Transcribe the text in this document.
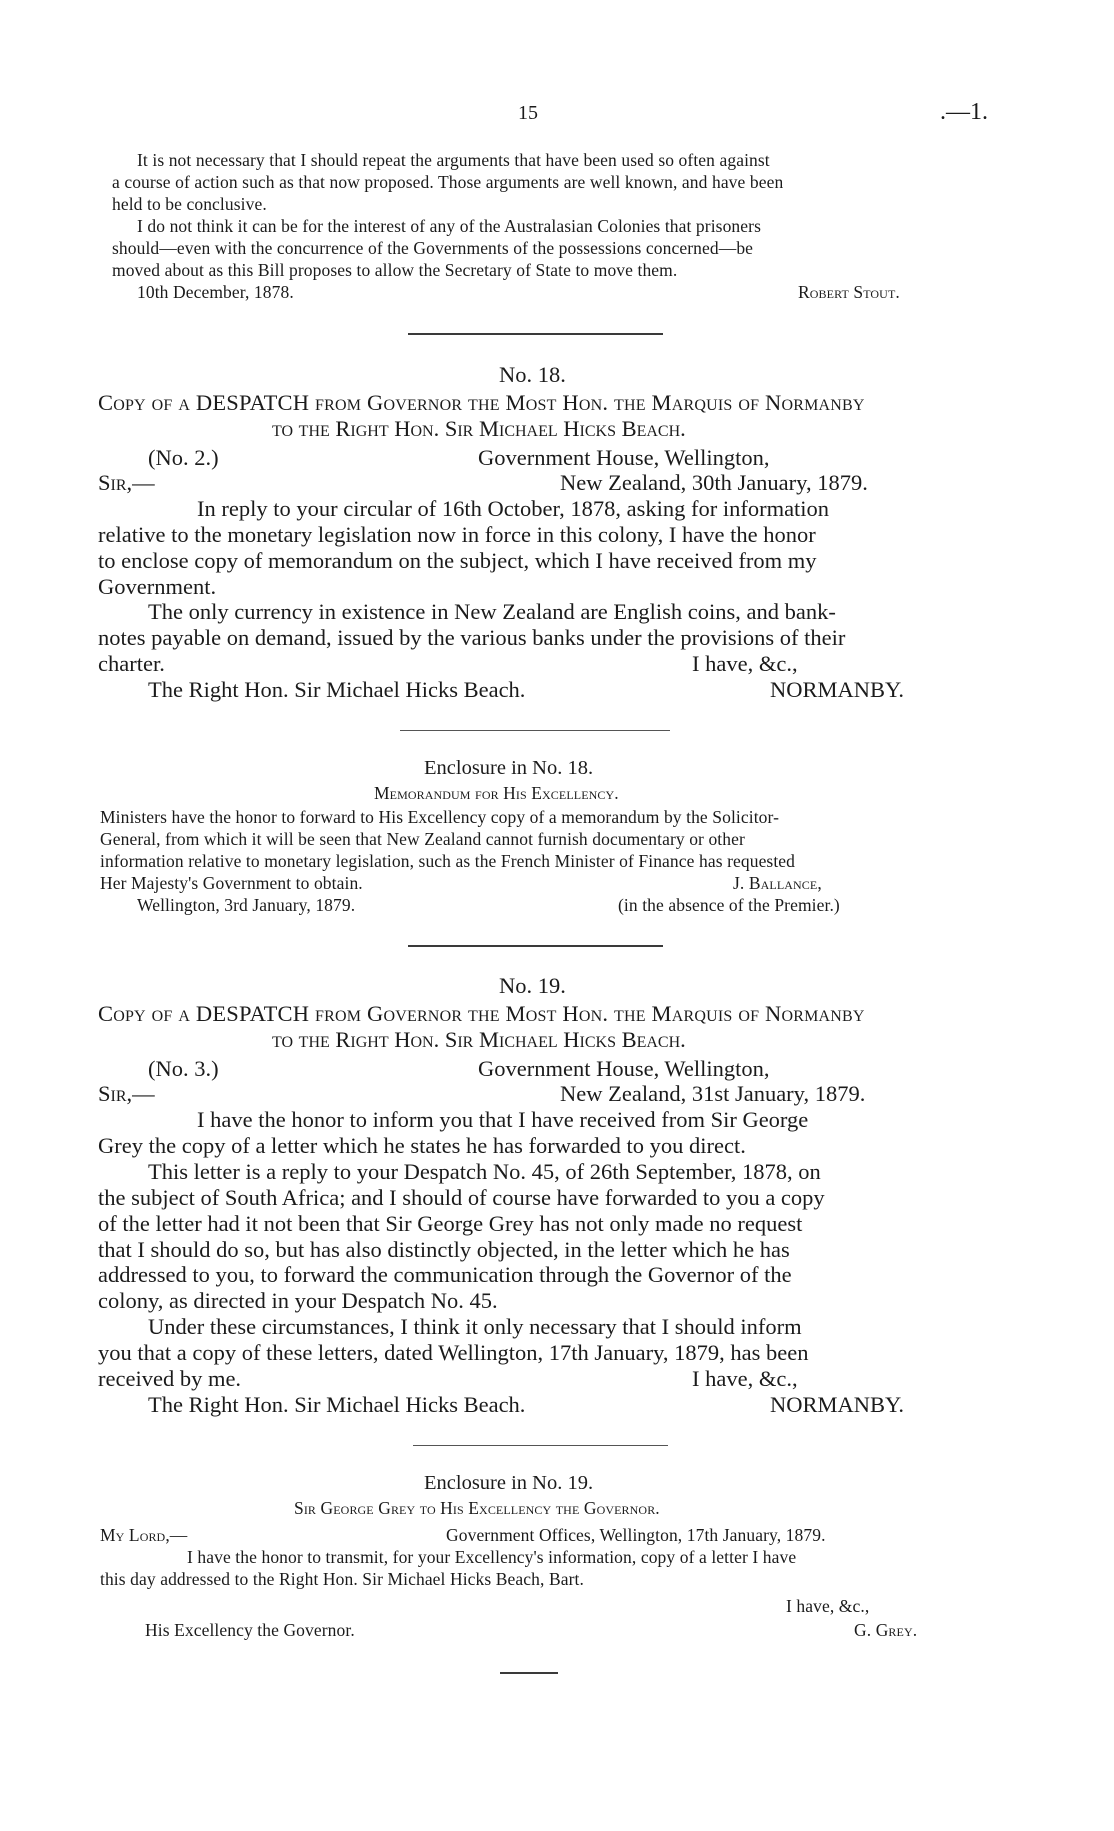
15	.—1.
It is not necessary that I should repeat the arguments that have been used so often against
a course of action such as that now proposed. Those arguments are well known, and have been
held to be conclusive.
I do not think it can be for the interest of any of the Australasian Colonies that prisoners
should—even with the concurrence of the Governments of the possessions concerned—be
moved about as this Bill proposes to allow the Secretary of State to move them.
10th December, 1878.	Robert Stout.
No. 18.
Copy of a DESPATCH from Governor the Most Hon. the Marquis of Normanby
to the Right Hon. Sir Michael Hicks Beach.
(No. 2.)	Government House, Wellington,
Sir,—	New Zealand, 30th January, 1879.
In reply to your circular of 16th October, 1878, asking for information
relative to the monetary legislation now in force in this colony, I have the honor
to enclose copy of memorandum on the subject, which I have received from my
Government.
The only currency in existence in New Zealand are English coins, and bank-
notes payable on demand, issued by the various banks under the provisions of their
charter.	I have, &c.,
The Right Hon. Sir Michael Hicks Beach.	NORMANBY.
Enclosure in No. 18.
Memorandum for His Excellency.
Ministers have the honor to forward to His Excellency copy of a memorandum by the Solicitor-
General, from which it will be seen that New Zealand cannot furnish documentary or other
information relative to monetary legislation, such as the French Minister of Finance has requested
Her Majesty's Government to obtain.	J. Ballance,
Wellington, 3rd January, 1879.	(in the absence of the Premier.)
No. 19.
Copy of a DESPATCH from Governor the Most Hon. the Marquis of Normanby
to the Right Hon. Sir Michael Hicks Beach.
(No. 3.)	Government House, Wellington,
Sir,—	New Zealand, 31st January, 1879.
I have the honor to inform you that I have received from Sir George
Grey the copy of a letter which he states he has forwarded to you direct.
This letter is a reply to your Despatch No. 45, of 26th September, 1878, on
the subject of South Africa; and I should of course have forwarded to you a copy
of the letter had it not been that Sir George Grey has not only made no request
that I should do so, but has also distinctly objected, in the letter which he has
addressed to you, to forward the communication through the Governor of the
colony, as directed in your Despatch No. 45.
Under these circumstances, I think it only necessary that I should inform
you that a copy of these letters, dated Wellington, 17th January, 1879, has been
received by me.	I have, &c.,
The Right Hon. Sir Michael Hicks Beach.	NORMANBY.
Enclosure in No. 19.
Sir George Grey to His Excellency the Governor.
My Lord,—	Government Offices, Wellington, 17th January, 1879.
I have the honor to transmit, for your Excellency's information, copy of a letter I have
this day addressed to the Right Hon. Sir Michael Hicks Beach, Bart.
I have, &c.,
His Excellency the Governor.	G. Grey.
